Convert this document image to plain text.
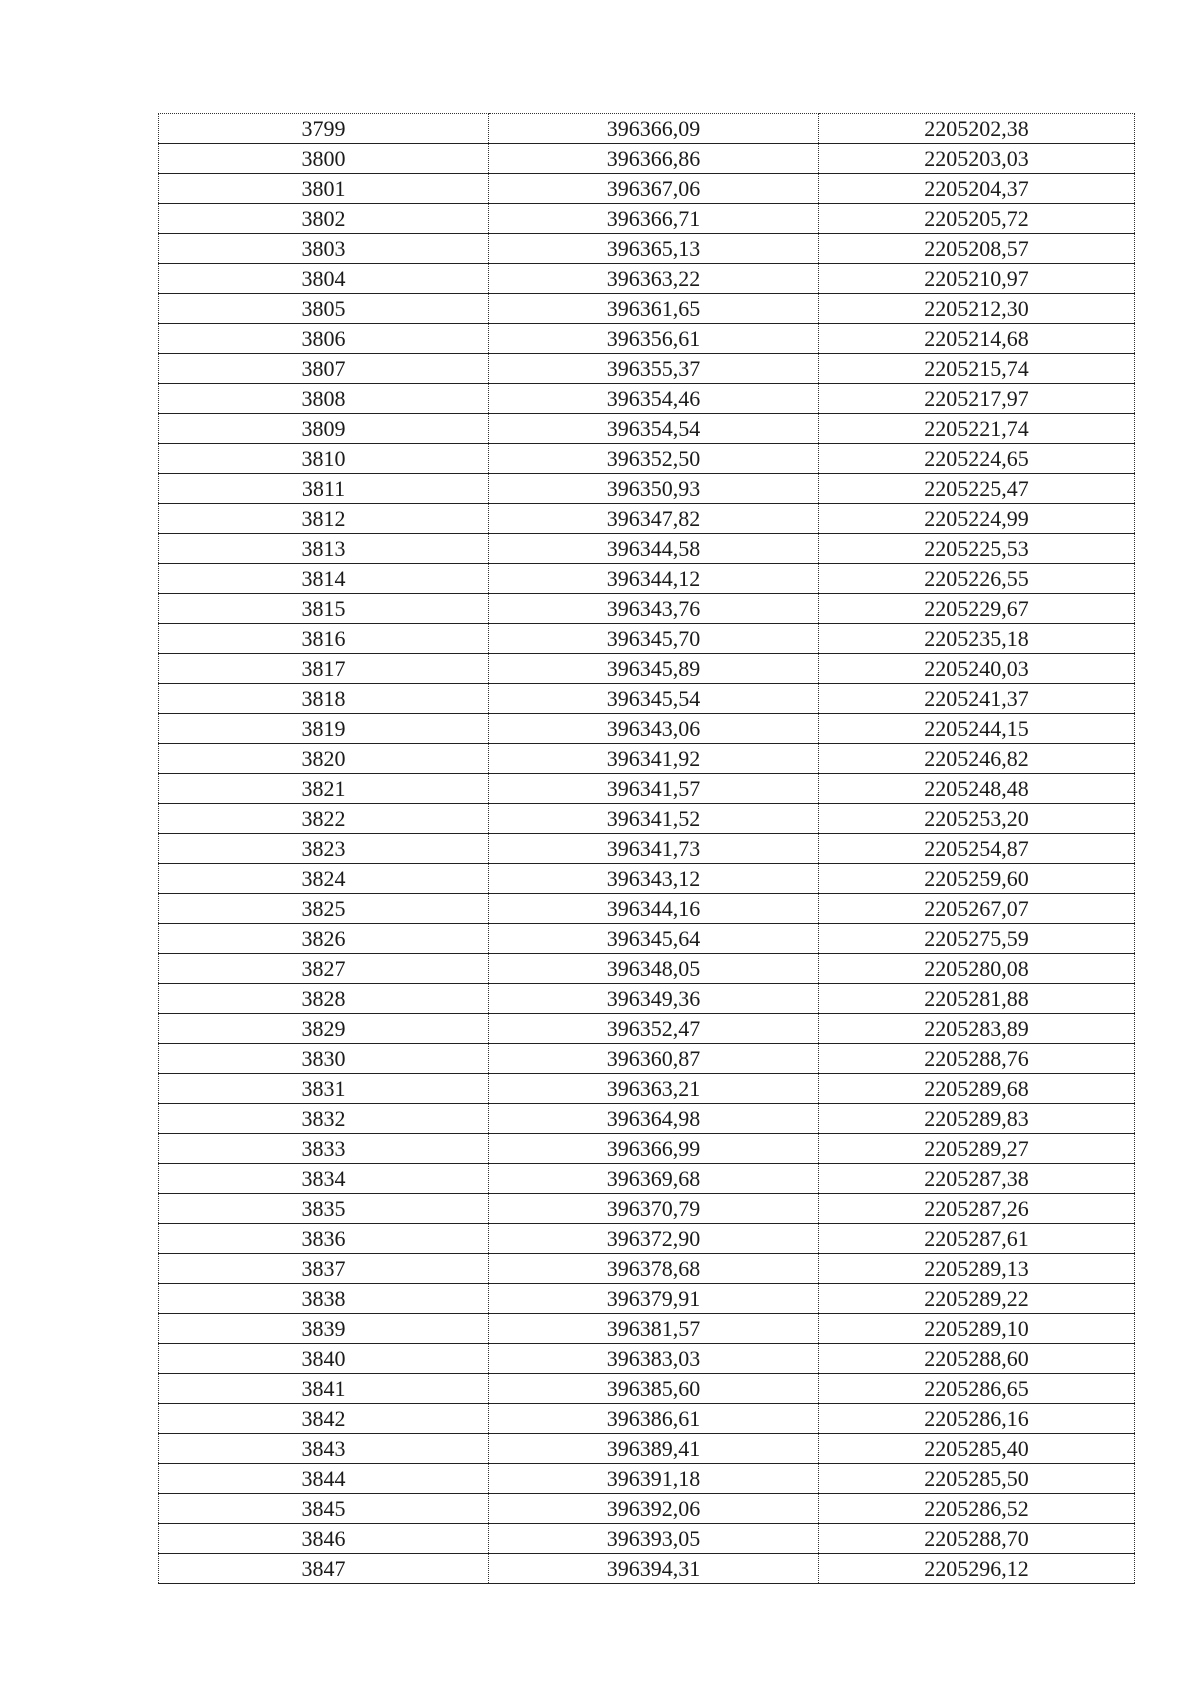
3799	396366,09	2205202,38
3800	396366,86	2205203,03
3801	396367,06	2205204,37
3802	396366,71	2205205,72
3803	396365,13	2205208,57
3804	396363,22	2205210,97
3805	396361,65	2205212,30
3806	396356,61	2205214,68
3807	396355,37	2205215,74
3808	396354,46	2205217,97
3809	396354,54	2205221,74
3810	396352,50	2205224,65
3811	396350,93	2205225,47
3812	396347,82	2205224,99
3813	396344,58	2205225,53
3814	396344,12	2205226,55
3815	396343,76	2205229,67
3816	396345,70	2205235,18
3817	396345,89	2205240,03
3818	396345,54	2205241,37
3819	396343,06	2205244,15
3820	396341,92	2205246,82
3821	396341,57	2205248,48
3822	396341,52	2205253,20
3823	396341,73	2205254,87
3824	396343,12	2205259,60
3825	396344,16	2205267,07
3826	396345,64	2205275,59
3827	396348,05	2205280,08
3828	396349,36	2205281,88
3829	396352,47	2205283,89
3830	396360,87	2205288,76
3831	396363,21	2205289,68
3832	396364,98	2205289,83
3833	396366,99	2205289,27
3834	396369,68	2205287,38
3835	396370,79	2205287,26
3836	396372,90	2205287,61
3837	396378,68	2205289,13
3838	396379,91	2205289,22
3839	396381,57	2205289,10
3840	396383,03	2205288,60
3841	396385,60	2205286,65
3842	396386,61	2205286,16
3843	396389,41	2205285,40
3844	396391,18	2205285,50
3845	396392,06	2205286,52
3846	396393,05	2205288,70
3847	396394,31	2205296,12
